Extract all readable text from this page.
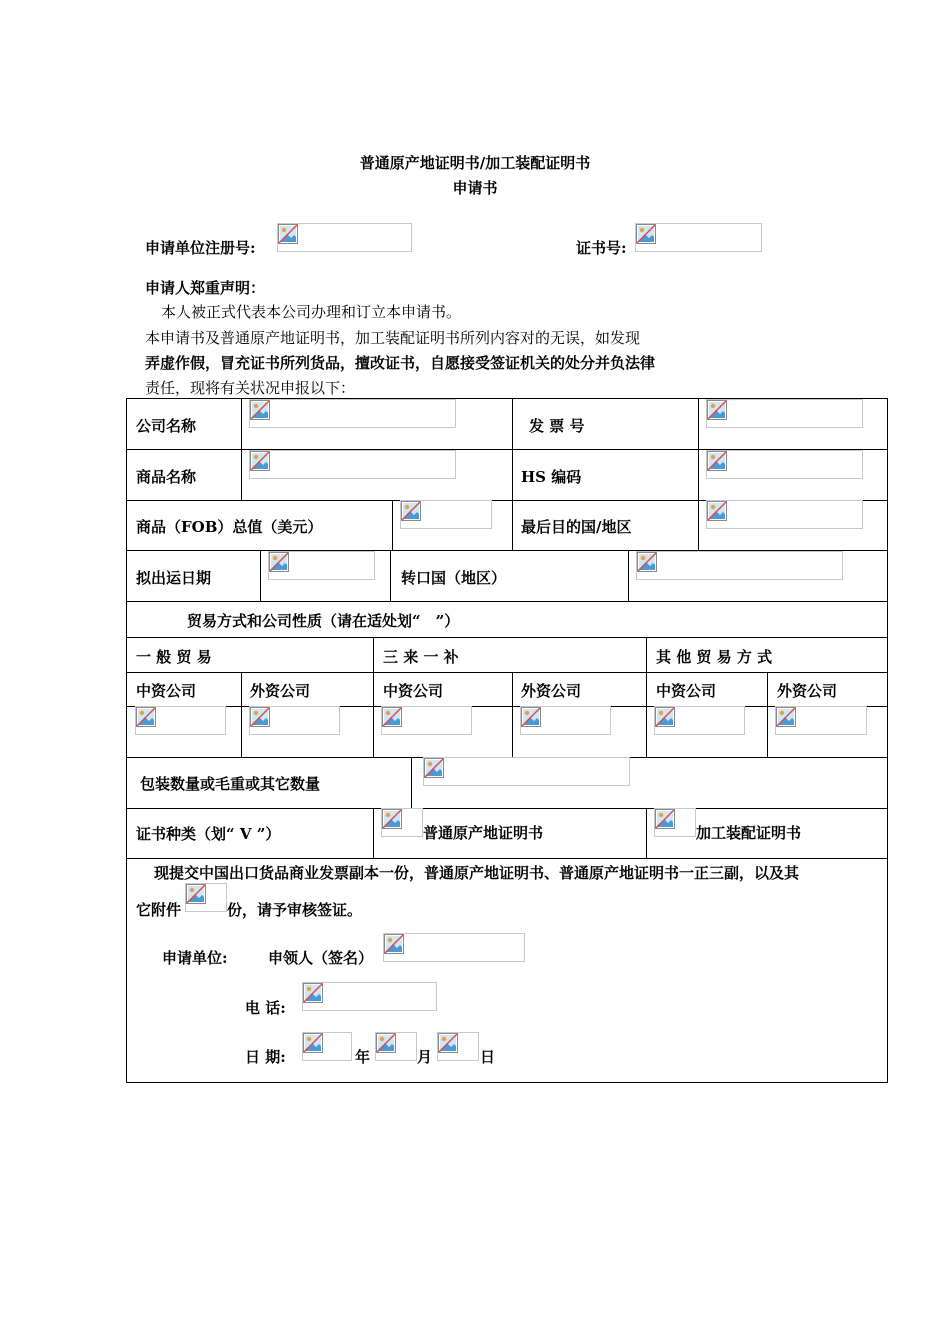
普通原产地证明书/加工装配证明书
申请书
申请单位注册号:	证书号:
申请人郑重声明：
本人被正式代表本公司办理和订立本申请书。
本申请书及普通原产地证明书，加工装配证明书所列内容对的无误，如发现
弄虚作假，冒充证书所列货品，擅改证书，自愿接受签证机关的处分并负法律
责任，现将有关状况申报以下：
公司名称	发 票 号
商品名称	HS 编码
商品（FOB）总值（美元）	最后目的国/地区
拟出运日期	转口国（地区）
贸易方式和公司性质（请在适处划“　”）
一 般 贸 易	三 来 一 补	其 他 贸 易 方 式
中资公司	外资公司	中资公司	外资公司	中资公司	外资公司
包装数量或毛重或其它数量
证书种类（划“ V ”）	普通原产地证明书	加工装配证明书
现提交中国出口货品商业发票副本一份，普通原产地证明书、普通原产地证明书一正三副，以及其
它附件	份，请予审核签证。
申请单位:	申领人（签名）
电 话:
日 期:	年	月	日
